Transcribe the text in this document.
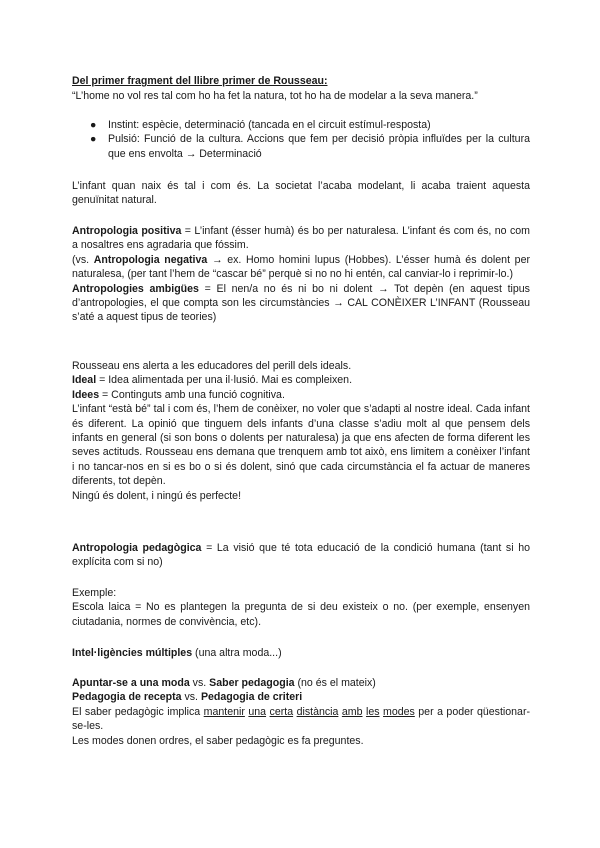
Del primer fragment del llibre primer de Rousseau:

“L’home no vol res tal com ho ha fet la natura, tot ho ha de modelar a la seva manera.”

● Instint: espècie, determinació (tancada en el circuit estímul-resposta)
● Pulsió: Funció de la cultura. Accions que fem per decisió pròpia influïdes per la cultura que ens envolta → Determinació

L’infant quan naix és tal i com és. La societat l’acaba modelant, li acaba traient aquesta genuïnitat natural.

Antropologia positiva = L’infant (ésser humà) és bo per naturalesa. L’infant és com és, no com a nosaltres ens agradaria que fóssim.
(vs. Antropologia negativa → ex. Homo homini lupus (Hobbes). L’ésser humà és dolent per naturalesa, (per tant l’hem de “cascar bé” perquè si no no hi entén, cal canviar-lo i reprimir-lo.)
Antropologies ambigües = El nen/a no és ni bo ni dolent → Tot depèn (en aquest tipus d’antropologies, el que compta son les circumstàncies → CAL CONÈIXER L’INFANT (Rousseau s’até a aquest tipus de teories)

Rousseau ens alerta a les educadores del perill dels ideals.
Ideal = Idea alimentada per una il·lusió. Mai es compleixen.
Idees = Continguts amb una funció cognitiva.
L’infant “està bé” tal i com és, l’hem de conèixer, no voler que s’adapti al nostre ideal. Cada infant és diferent. La opinió que tinguem dels infants d’una classe s’adiu molt al que pensem dels infants en general (si son bons o dolents per naturalesa) ja que ens afecten de forma diferent les seves actituds. Rousseau ens demana que trenquem amb tot això, ens limitem a conèixer l’infant i no tancar-nos en si es bo o si és dolent, sinó que cada circumstància el fa actuar de maneres diferents, tot depèn.
Ningú és dolent, i ningú és perfecte!

Antropologia pedagògica = La visió que té tota educació de la condició humana (tant si ho explícita com si no)

Exemple:
Escola laica = No es plantegen la pregunta de si deu existeix o no. (per exemple, ensenyen ciutadania, normes de convivència, etc).

Intel·ligències múltiples (una altra moda...)

Apuntar-se a una moda vs. Saber pedagogia (no és el mateix)
Pedagogia de recepta vs. Pedagogia de criteri
El saber pedagògic implica mantenir una certa distància amb les modes per a poder qüestionar-se-les.
Les modes donen ordres, el saber pedagògic es fa preguntes.
